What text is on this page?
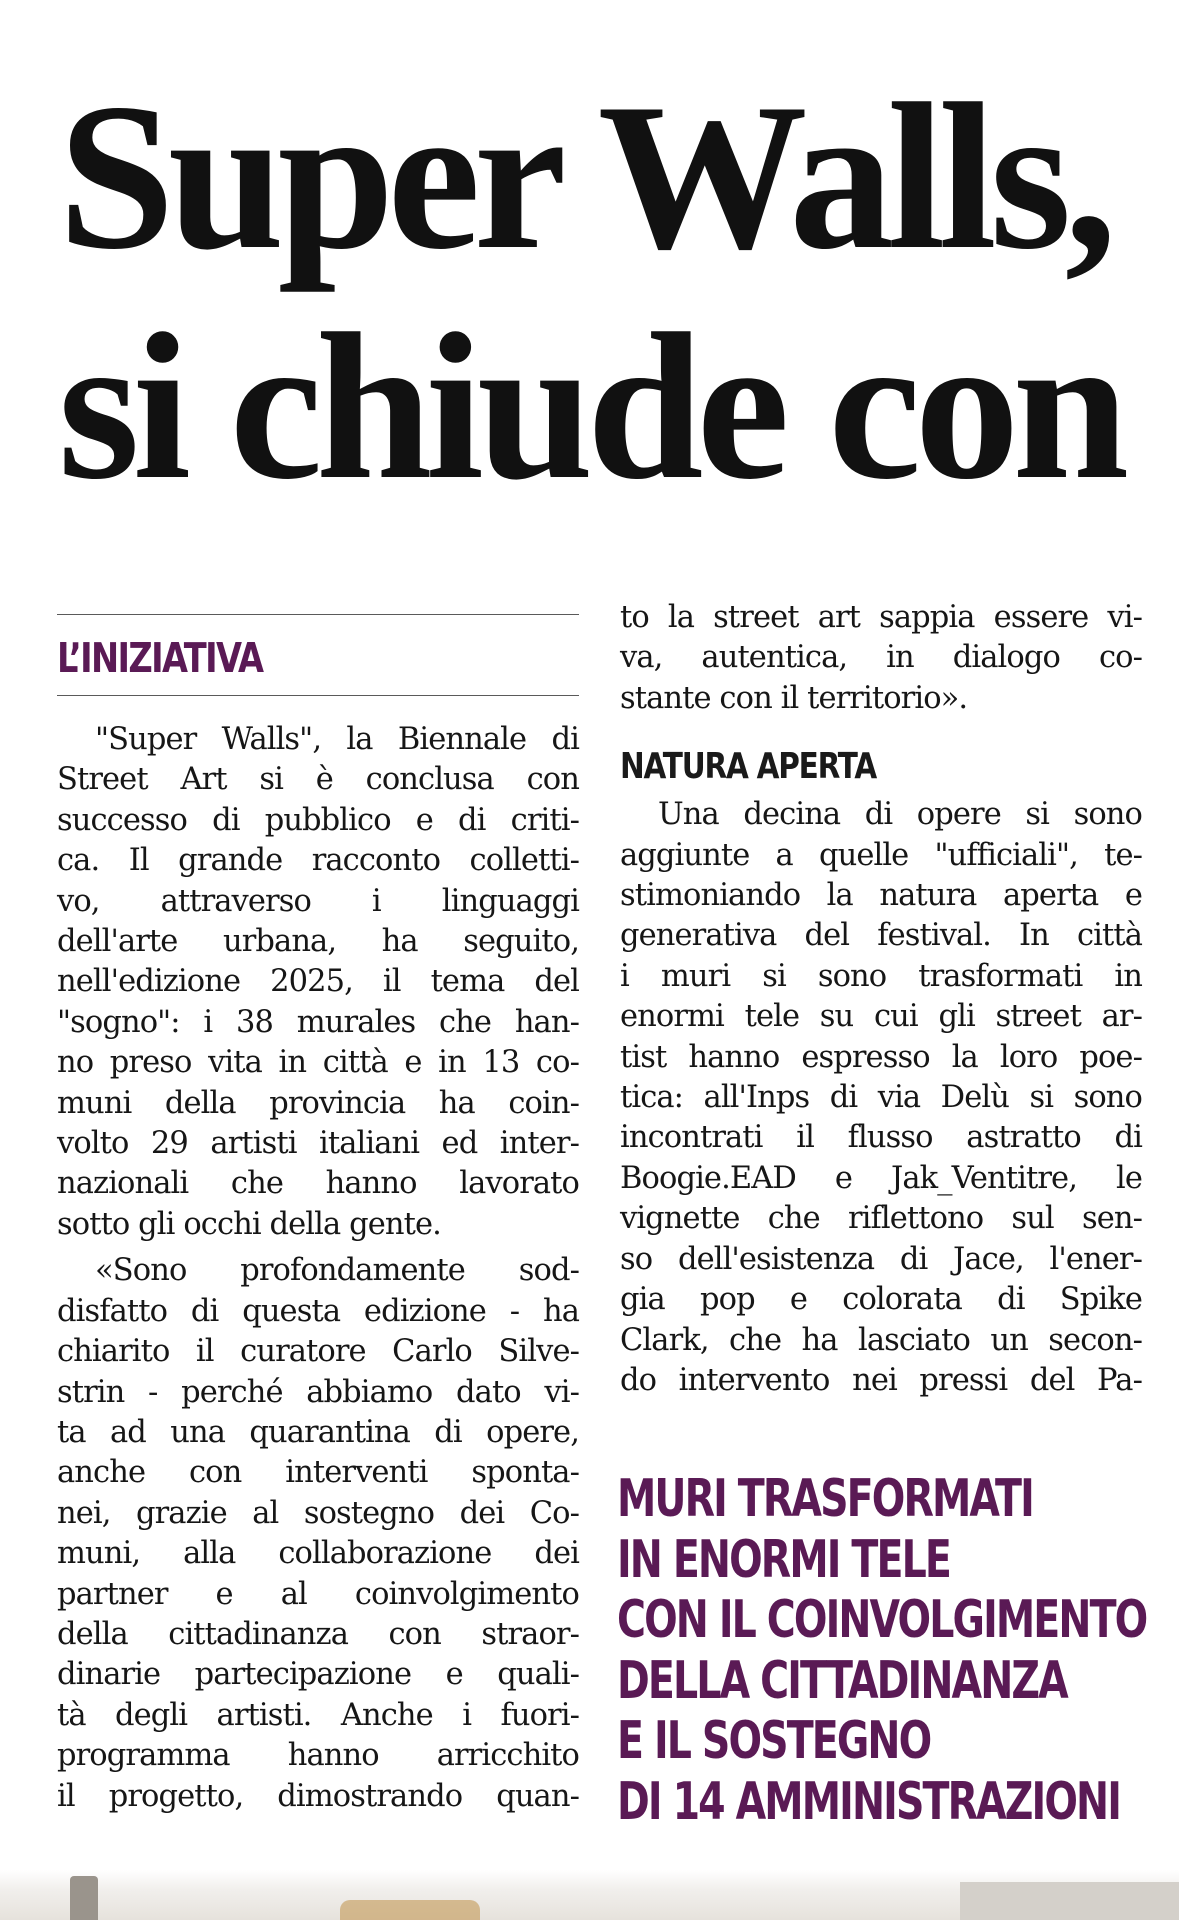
Super Walls,
si chiude con
L’INIZIATIVA

"Super Walls", la Biennale di
Street Art si è conclusa con
successo di pubblico e di criti-
ca. Il grande racconto colletti-
vo, attraverso i linguaggi
dell'arte urbana, ha seguito,
nell'edizione 2025, il tema del
"sogno": i 38 murales che han-
no preso vita in città e in 13 co-
muni della provincia ha coin-
volto 29 artisti italiani ed inter-
nazionali che hanno lavorato
sotto gli occhi della gente.

«Sono profondamente sod-
disfatto di questa edizione - ha
chiarito il curatore Carlo Silve-
strin - perché abbiamo dato vi-
ta ad una quarantina di opere,
anche con interventi sponta-
nei, grazie al sostegno dei Co-
muni, alla collaborazione dei
partner e al coinvolgimento
della cittadinanza con straor-
dinarie partecipazione e quali-
tà degli artisti. Anche i fuori-
programma hanno arricchito
il progetto, dimostrando quan-

to la street art sappia essere vi-
va, autentica, in dialogo co-
stante con il territorio».

NATURA APERTA

Una decina di opere si sono
aggiunte a quelle "ufficiali", te-
stimoniando la natura aperta e
generativa del festival. In città
i muri si sono trasformati in
enormi tele su cui gli street ar-
tist hanno espresso la loro poe-
tica: all'Inps di via Delù si sono
incontrati il flusso astratto di
Boogie.EAD e Jak_Ventitre, le
vignette che riflettono sul sen-
so dell'esistenza di Jace, l'ener-
gia pop e colorata di Spike
Clark, che ha lasciato un secon-
do intervento nei pressi del Pa-

MURI TRASFORMATI
IN ENORMI TELE
CON IL COINVOLGIMENTO
DELLA CITTADINANZA
E IL SOSTEGNO
DI 14 AMMINISTRAZIONI
